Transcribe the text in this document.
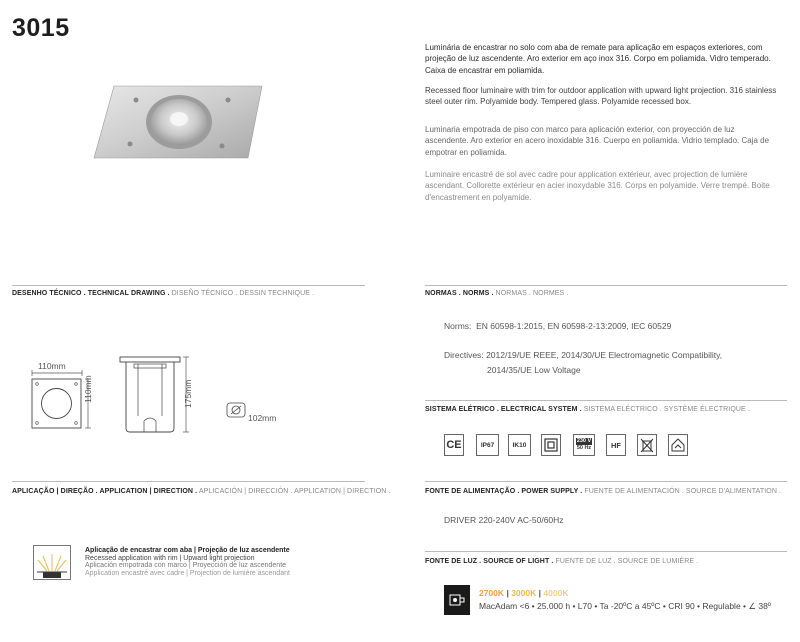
3015
Luminária de encastrar no solo com aba de remate para aplicação em espaços exteriores, com projeção de luz ascendente. Aro exterior em aço inox 316. Corpo em poliamida. Vidro temperado. Caixa de encastrar em poliamida.
Recessed floor luminaire with trim for outdoor application with upward light projection. 316 stainless steel outer rim. Polyamide body. Tempered glass. Polyamide recessed box.
Luminaria empotrada de piso con marco para aplicación exterior, con proyección de luz ascendente. Aro exterior en acero inoxidable 316. Cuerpo en poliamida. Vidrio templado. Caja de empotrar en poliamida.
Luminaire encastré de sol avec cadre pour application extérieur, avec projection de lumière ascendant. Collorette extérieur en acier inoxydable 316. Corps en polyamide. Verre trempé. Boite d'encastrement en polyamide.
DESENHO TÉCNICO . TECHNICAL DRAWING . DISEÑO TÉCNICO . DESSIN TECHNIQUE .
110mm
110mm	175mm
102mm
APLICAÇÃO | DIREÇÃO . APPLICATION | DIRECTION . APLICACIÓN | DIRECCIÓN . APPLICATION | DIRECTION .
Aplicação de encastrar com aba | Projeção de luz ascendente
Recessed application with rim | Upward light projection
Aplicación empotrada con marco | Proyección de luz ascendente
Application encastré avec cadre | Projection de lumière ascendant
NORMAS . NORMS . NORMAS . NORMES .
Norms: EN 60598-1:2015, EN 60598-2-13:2009, IEC 60529
Directives: 2012/19/UE REEE, 2014/30/UE Electromagnetic Compatibility,
2014/35/UE Low Voltage
SISTEMA ELÉTRICO . ELECTRICAL SYSTEM . SISTEMA ELÉCTRICO . SYSTÈME ÉLECTRIQUE .
CE	IP67	IK10
230 V
50 Hz	HF
FONTE DE ALIMENTAÇÃO . POWER SUPPLY . FUENTE DE ALIMENTACIÓN . SOURCE D'ALIMENTATION .
DRIVER 220-240V AC-50/60Hz
FONTE DE LUZ . SOURCE OF LIGHT . FUENTE DE LUZ . SOURCE DE LUMIÈRE .
2700K | 3000K | 4000K
MacAdam <6 • 25.000 h • L70 • Ta -20ºC a 45ºC • CRI 90 • Regulable • ∠ 38º
